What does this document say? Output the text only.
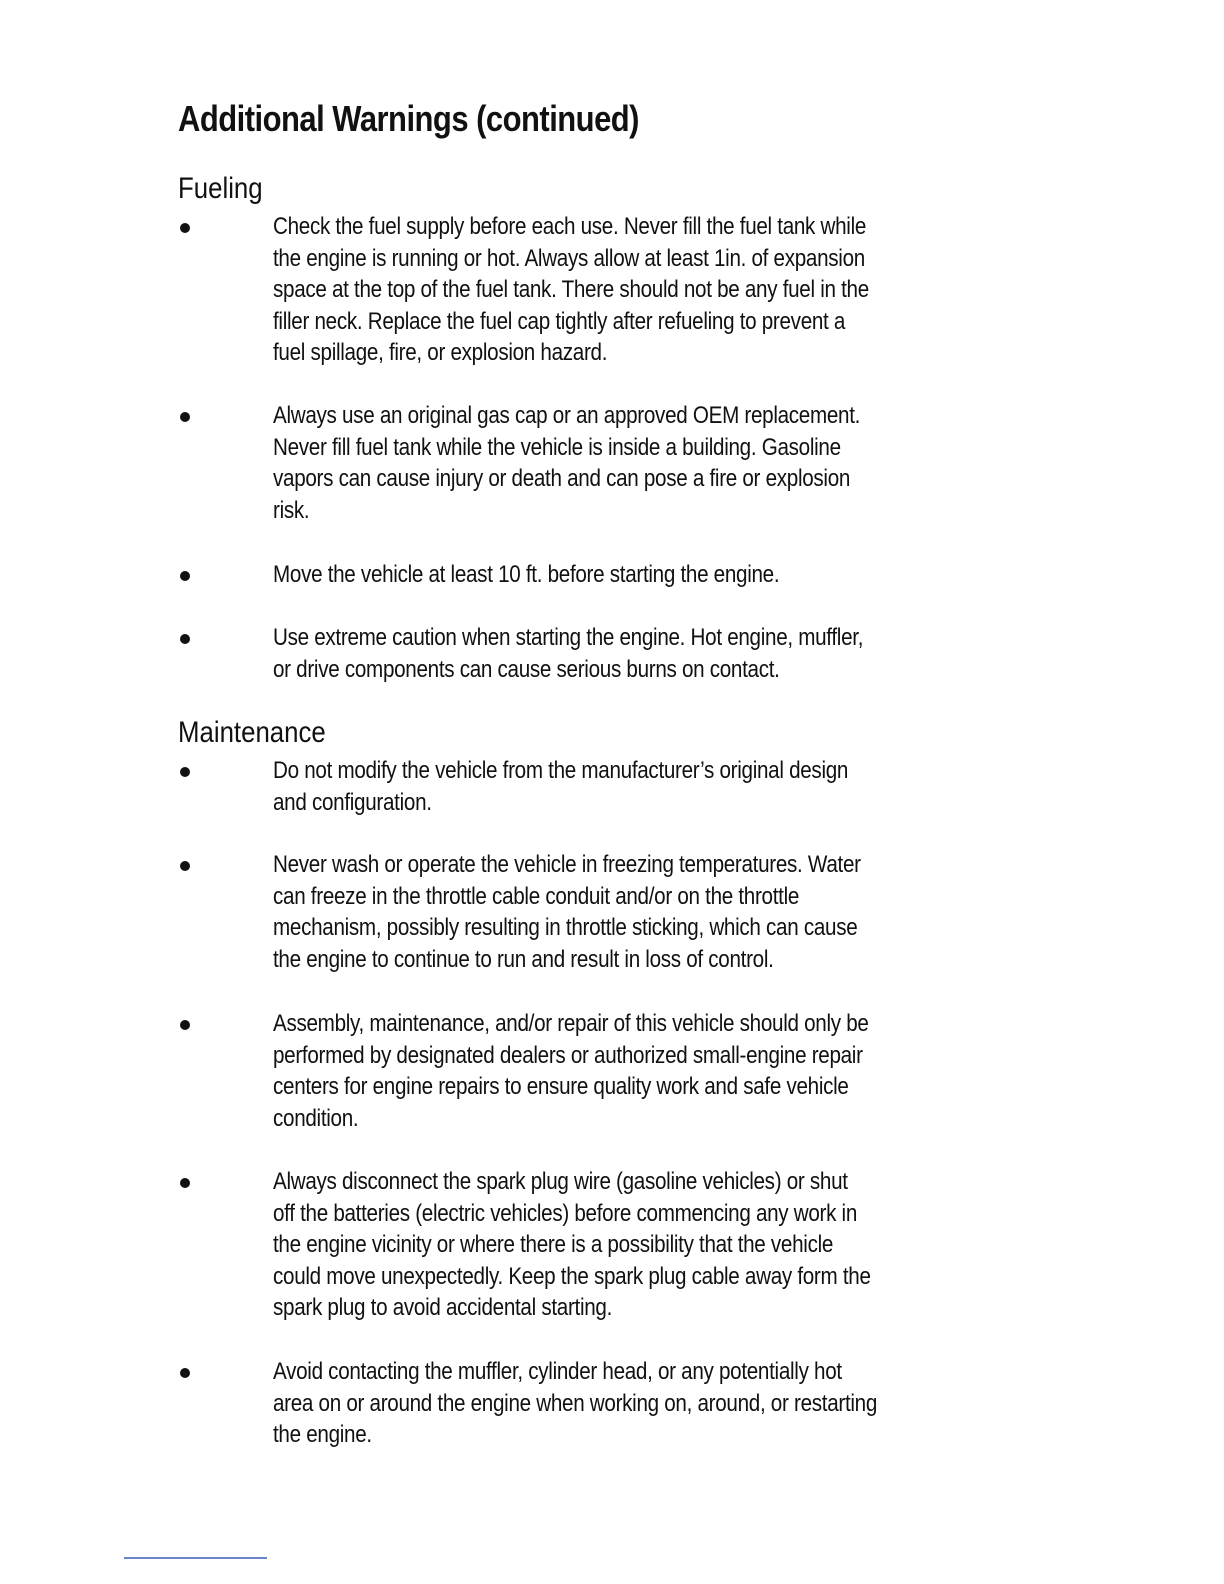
Additional Warnings (continued)
Fueling

Check the fuel supply before each use. Never fill the fuel tank while
the engine is running or hot. Always allow at least 1in. of expansion
space at the top of the fuel tank. There should not be any fuel in the
filler neck. Replace the fuel cap tightly after refueling to prevent a
fuel spillage, fire, or explosion hazard.

Always use an original gas cap or an approved OEM replacement.
Never fill fuel tank while the vehicle is inside a building. Gasoline
vapors can cause injury or death and can pose a fire or explosion
risk.

Move the vehicle at least 10 ft. before starting the engine.

Use extreme caution when starting the engine. Hot engine, muffler,
or drive components can cause serious burns on contact.

Maintenance

Do not modify the vehicle from the manufacturer’s original design
and configuration.

Never wash or operate the vehicle in freezing temperatures. Water
can freeze in the throttle cable conduit and/or on the throttle
mechanism, possibly resulting in throttle sticking, which can cause
the engine to continue to run and result in loss of control.

Assembly, maintenance, and/or repair of this vehicle should only be
performed by designated dealers or authorized small-engine repair
centers for engine repairs to ensure quality work and safe vehicle
condition.

Always disconnect the spark plug wire (gasoline vehicles) or shut
off the batteries (electric vehicles) before commencing any work in
the engine vicinity or where there is a possibility that the vehicle
could move unexpectedly. Keep the spark plug cable away form the
spark plug to avoid accidental starting.

Avoid contacting the muffler, cylinder head, or any potentially hot
area on or around the engine when working on, around, or restarting
the engine.
